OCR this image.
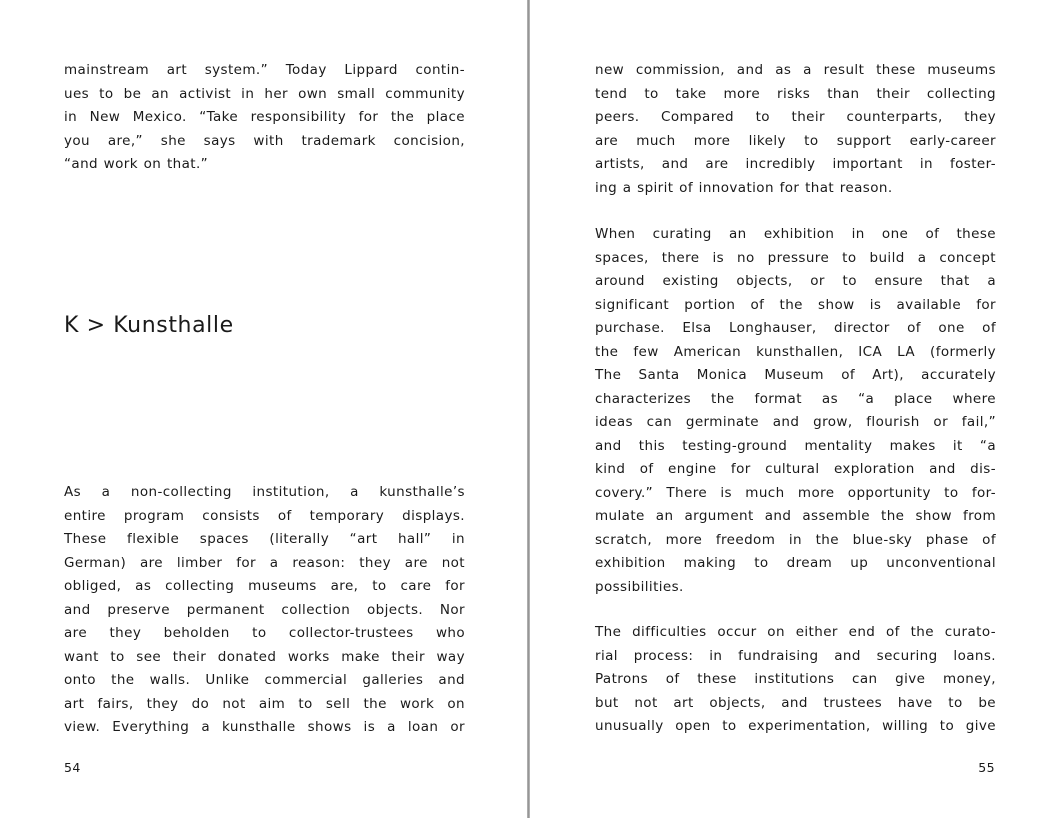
mainstream art system.” Today Lippard contin-
ues to be an activist in her own small community
in New Mexico. “Take responsibility for the place
you are,” she says with trademark concision,
“and work on that.”

K > Kunsthalle

As a non-collecting institution, a kunsthalle’s
entire program consists of temporary displays.
These flexible spaces (literally “art hall” in
German) are limber for a reason: they are not
obliged, as collecting museums are, to care for
and preserve permanent collection objects. Nor
are they beholden to collector-trustees who
want to see their donated works make their way
onto the walls. Unlike commercial galleries and
art fairs, they do not aim to sell the work on
view. Everything a kunsthalle shows is a loan or

54

new commission, and as a result these museums
tend to take more risks than their collecting
peers. Compared to their counterparts, they
are much more likely to support early-career
artists, and are incredibly important in foster-
ing a spirit of innovation for that reason.

When curating an exhibition in one of these
spaces, there is no pressure to build a concept
around existing objects, or to ensure that a
significant portion of the show is available for
purchase. Elsa Longhauser, director of one of
the few American kunsthallen, ICA LA (formerly
The Santa Monica Museum of Art), accurately
characterizes the format as “a place where
ideas can germinate and grow, flourish or fail,”
and this testing-ground mentality makes it “a
kind of engine for cultural exploration and dis-
covery.” There is much more opportunity to for-
mulate an argument and assemble the show from
scratch, more freedom in the blue-sky phase of
exhibition making to dream up unconventional
possibilities.

The difficulties occur on either end of the curato-
rial process: in fundraising and securing loans.
Patrons of these institutions can give money,
but not art objects, and trustees have to be
unusually open to experimentation, willing to give

55
